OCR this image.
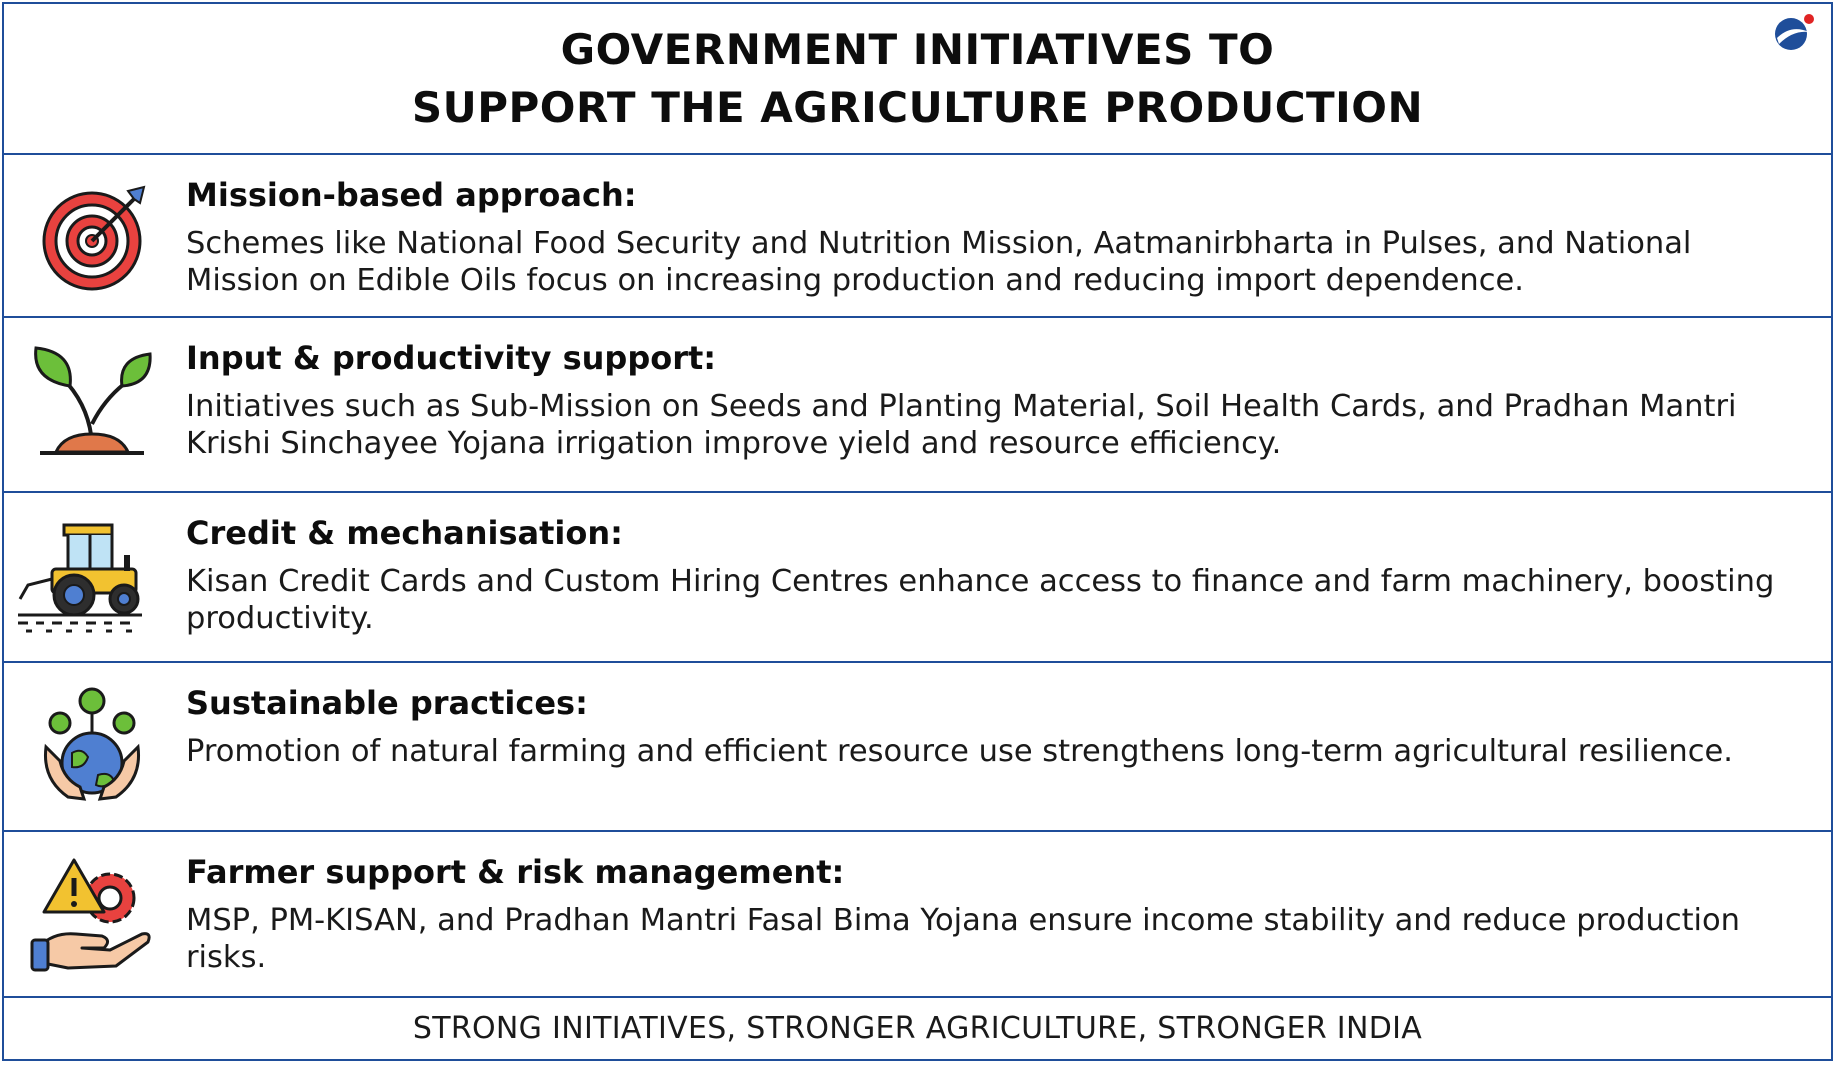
GOVERNMENT INITIATIVES TO
SUPPORT THE AGRICULTURE PRODUCTION
Mission-based approach:
Schemes like National Food Security and Nutrition Mission, Aatmanirbharta in Pulses, and National Mission on Edible Oils focus on increasing production and reducing import dependence.
Input & productivity support:
Initiatives such as Sub-Mission on Seeds and Planting Material, Soil Health Cards, and Pradhan Mantri Krishi Sinchayee Yojana irrigation improve yield and resource efficiency.
Credit & mechanisation:
Kisan Credit Cards and Custom Hiring Centres enhance access to finance and farm machinery, boosting productivity.
Sustainable practices:
Promotion of natural farming and efficient resource use strengthens long-term agricultural resilience.
Farmer support & risk management:
MSP, PM-KISAN, and Pradhan Mantri Fasal Bima Yojana ensure income stability and reduce production risks.
STRONG INITIATIVES, STRONGER AGRICULTURE, STRONGER INDIA
